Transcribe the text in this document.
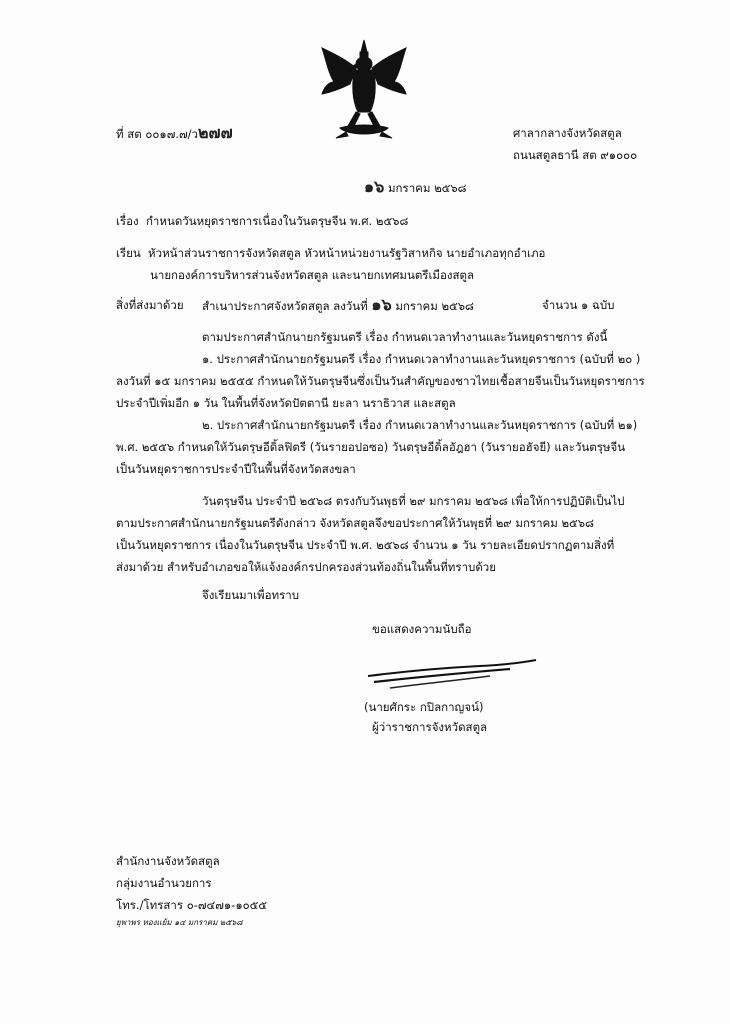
ที่ สต ๐๐๑๗.๗/ว๒๗๗	ศาลากลางจังหวัดสตูล
ถนนสตูลธานี สต ๙๑๐๐๐
๑๖ มกราคม ๒๕๖๘
เรื่อง กำหนดวันหยุดราชการเนื่องในวันตรุษจีน พ.ศ. ๒๕๖๘
เรียน หัวหน้าส่วนราชการจังหวัดสตูล หัวหน้าหน่วยงานรัฐวิสาหกิจ นายอำเภอทุกอำเภอ
นายกองค์การบริหารส่วนจังหวัดสตูล และนายกเทศมนตรีเมืองสตูล
สิ่งที่ส่งมาด้วย สำเนาประกาศจังหวัดสตูล ลงวันที่ ๑๖ มกราคม ๒๕๖๘	จำนวน ๑ ฉบับ
ตามประกาศสำนักนายกรัฐมนตรี เรื่อง กำหนดเวลาทำงานและวันหยุดราชการ ดังนี้
๑. ประกาศสำนักนายกรัฐมนตรี เรื่อง กำหนดเวลาทำงานและวันหยุดราชการ (ฉบับที่ ๒๐ )
ลงวันที่ ๑๕ มกราคม ๒๕๕๕ กำหนดให้วันตรุษจีนซึ่งเป็นวันสำคัญของชาวไทยเชื้อสายจีนเป็นวันหยุดราชการ
ประจำปีเพิ่มอีก ๑ วัน ในพื้นที่จังหวัดปัตตานี ยะลา นราธิวาส และสตูล
๒. ประกาศสำนักนายกรัฐมนตรี เรื่อง กำหนดเวลาทำงานและวันหยุดราชการ (ฉบับที่ ๒๑)
พ.ศ. ๒๕๕๖ กำหนดให้วันตรุษอีดิ้ลฟิตรี (วันรายอปอซอ) วันตรุษอีดิ้ลอัฎฮา (วันรายอฮัจยี) และวันตรุษจีน
เป็นวันหยุดราชการประจำปีในพื้นที่จังหวัดสงขลา
วันตรุษจีน ประจำปี ๒๕๖๘ ตรงกับวันพุธที่ ๒๙ มกราคม ๒๕๖๘ เพื่อให้การปฏิบัติเป็นไป
ตามประกาศสำนักนายกรัฐมนตรีดังกล่าว จังหวัดสตูลจึงขอประกาศให้วันพุธที่ ๒๙ มกราคม ๒๕๖๘
เป็นวันหยุดราชการ เนื่องในวันตรุษจีน ประจำปี พ.ศ. ๒๕๖๘ จำนวน ๑ วัน รายละเอียดปรากฏตามสิ่งที่
ส่งมาด้วย สำหรับอำเภอขอให้แจ้งองค์กรปกครองส่วนท้องถิ่นในพื้นที่ทราบด้วย
จึงเรียนมาเพื่อทราบ
ขอแสดงความนับถือ
(นายศักระ กปิลกาญจน์)
ผู้ว่าราชการจังหวัดสตูล
สำนักงานจังหวัดสตูล
กลุ่มงานอำนวยการ
โทร./โทรสาร ๐-๗๔๗๑-๑๐๕๕
ยุพาพร ทองแย้ม ๑๔ มกราคม ๒๕๖๘
